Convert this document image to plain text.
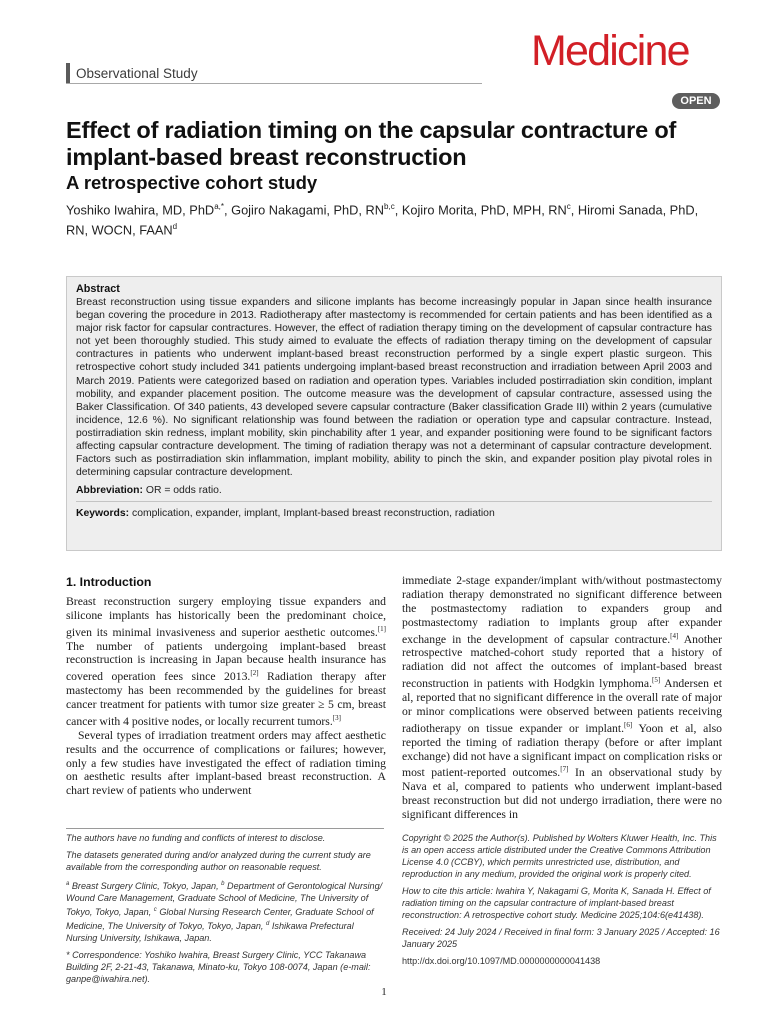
Observational Study	Medicine
OPEN
Effect of radiation timing on the capsular contracture of implant-based breast reconstruction
A retrospective cohort study
Yoshiko Iwahira, MD, PhD$^{a,*}$, Gojiro Nakagami, PhD, RN$^{b,c}$, Kojiro Morita, PhD, MPH, $RN^c$, Hiromi Sanada, PhD, RN, WOCN, FAAN$^d$
Abstract
Breast reconstruction using tissue expanders and silicone implants has become increasingly popular in Japan since health insurance began covering the procedure in 2013. Radiotherapy after mastectomy is recommended for certain patients and has been identified as a major risk factor for capsular contractures. However, the effect of radiation therapy timing on the development of capsular contracture has not yet been thoroughly studied. This study aimed to evaluate the effects of radiation therapy timing on the development of capsular contractures in patients who underwent implant-based breast reconstruction performed by a single expert plastic surgeon. This retrospective cohort study included 341 patients undergoing implant-based breast reconstruction and irradiation between April 2003 and March 2019. Patients were categorized based on radiation and operation types. Variables included postirradiation skin condition, implant mobility, and expander placement position. The outcome measure was the development of capsular contracture, assessed using the Baker Classification. Of 340 patients, 43 developed severe capsular contracture (Baker classification Grade III) within 2 years (cumulative incidence, 12.6 %). No significant relationship was found between the radiation or operation type and capsular contracture. Instead, postirradiation skin redness, implant mobility, skin pinchability after 1 year, and expander positioning were found to be significant factors affecting capsular contracture development. The timing of radiation therapy was not a determinant of capsular contracture development. Factors such as postirradiation skin inflammation, implant mobility, ability to pinch the skin, and expander position play pivotal roles in determining capsular contracture development.
Abbreviation: OR = odds ratio.
Keywords: complication, expander, implant, Implant-based breast reconstruction, radiation
1. Introduction

Breast reconstruction surgery employing tissue expanders and silicone implants has historically been the predominant choice, given its minimal invasiveness and superior aesthetic outcomes.[1] The number of patients undergoing implant-based breast reconstruction is increasing in Japan because health insurance has covered operation fees since 2013.[2] Radiation therapy after mastectomy has been recommended by the guidelines for breast cancer treatment for patients with tumor size greater ≥ 5 cm, breast cancer with 4 positive nodes, or locally recurrent tumors.[3]

Several types of irradiation treatment orders may affect aesthetic results and the occurrence of complications or failures; however, only a few studies have investigated the effect of radiation timing on aesthetic results after implant-based breast reconstruction. A chart review of patients who underwent

immediate 2-stage expander/implant with/without postmastectomy radiation therapy demonstrated no significant difference between the postmastectomy radiation to expanders group and postmastectomy radiation to implants group after expander exchange in the development of capsular contracture.[4] Another retrospective matched-cohort study reported that a history of radiation did not affect the outcomes of implant-based breast reconstruction in patients with Hodgkin lymphoma.[5] Andersen et al, reported that no significant difference in the overall rate of major or minor complications were observed between patients receiving radiotherapy on tissue expander or implant.[6] Yoon et al, also reported the timing of radiation therapy (before or after implant exchange) did not have a significant impact on complication risks or most patient-reported outcomes.[7] In an observational study by Nava et al, compared to patients who underwent implant-based breast reconstruction but did not undergo irradiation, there were no significant differences in

The authors have no funding and conflicts of interest to disclose.

The datasets generated during and/or analyzed during the current study are available from the corresponding author on reasonable request.

$^a$ Breast Surgery Clinic, Tokyo, Japan, $^b$ Department of Gerontological Nursing/ Wound Care Management, Graduate School of Medicine, The University of Tokyo, Tokyo, Japan, $^c$ Global Nursing Research Center, Graduate School of Medicine, The University of Tokyo, Tokyo, Japan, $^d$ Ishikawa Prefectural Nursing University, Ishikawa, Japan.

* Correspondence: Yoshiko Iwahira, Breast Surgery Clinic, YCC Takanawa Building 2F, 2-21-43, Takanawa, Minato-ku, Tokyo 108-0074, Japan (e-mail: ganpe@iwahira.net).

Copyright © 2025 the Author(s). Published by Wolters Kluwer Health, Inc. This is an open access article distributed under the Creative Commons Attribution License 4.0 (CCBY), which permits unrestricted use, distribution, and reproduction in any medium, provided the original work is properly cited.

How to cite this article: Iwahira Y, Nakagami G, Morita K, Sanada H. Effect of radiation timing on the capsular contracture of implant-based breast reconstruction: A retrospective cohort study. Medicine 2025;104:6(e41438).

Received: 24 July 2024 / Received in final form: 3 January 2025 / Accepted: 16 January 2025

http://dx.doi.org/10.1097/MD.0000000000041438

1
